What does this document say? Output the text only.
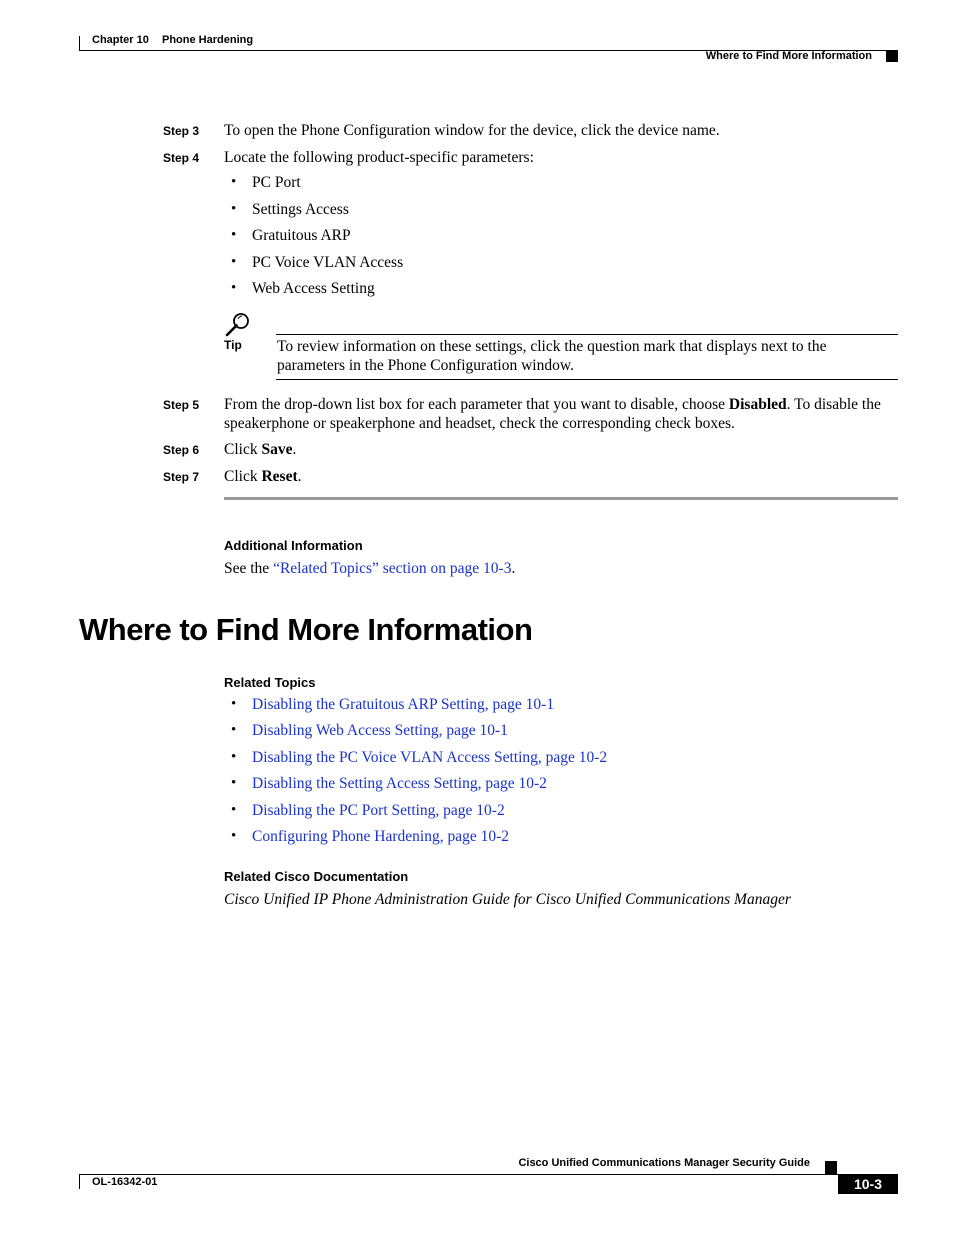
Chapter 10 Phone Hardening
Where to Find More Information
Step 3 To open the Phone Configuration window for the device, click the device name.
Step 4 Locate the following product-specific parameters:
• PC Port
• Settings Access
• Gratuitous ARP
• PC Voice VLAN Access
• Web Access Setting
Tip To review information on these settings, click the question mark that displays next to the parameters in the Phone Configuration window.
Step 5 From the drop-down list box for each parameter that you want to disable, choose Disabled. To disable the speakerphone or speakerphone and headset, check the corresponding check boxes.
Step 6 Click Save.
Step 7 Click Reset.
Additional Information
See the “Related Topics” section on page 10-3.
Where to Find More Information
Related Topics
• Disabling the Gratuitous ARP Setting, page 10-1
• Disabling Web Access Setting, page 10-1
• Disabling the PC Voice VLAN Access Setting, page 10-2
• Disabling the Setting Access Setting, page 10-2
• Disabling the PC Port Setting, page 10-2
• Configuring Phone Hardening, page 10-2
Related Cisco Documentation
Cisco Unified IP Phone Administration Guide for Cisco Unified Communications Manager
Cisco Unified Communications Manager Security Guide
OL-16342-01	10-3
